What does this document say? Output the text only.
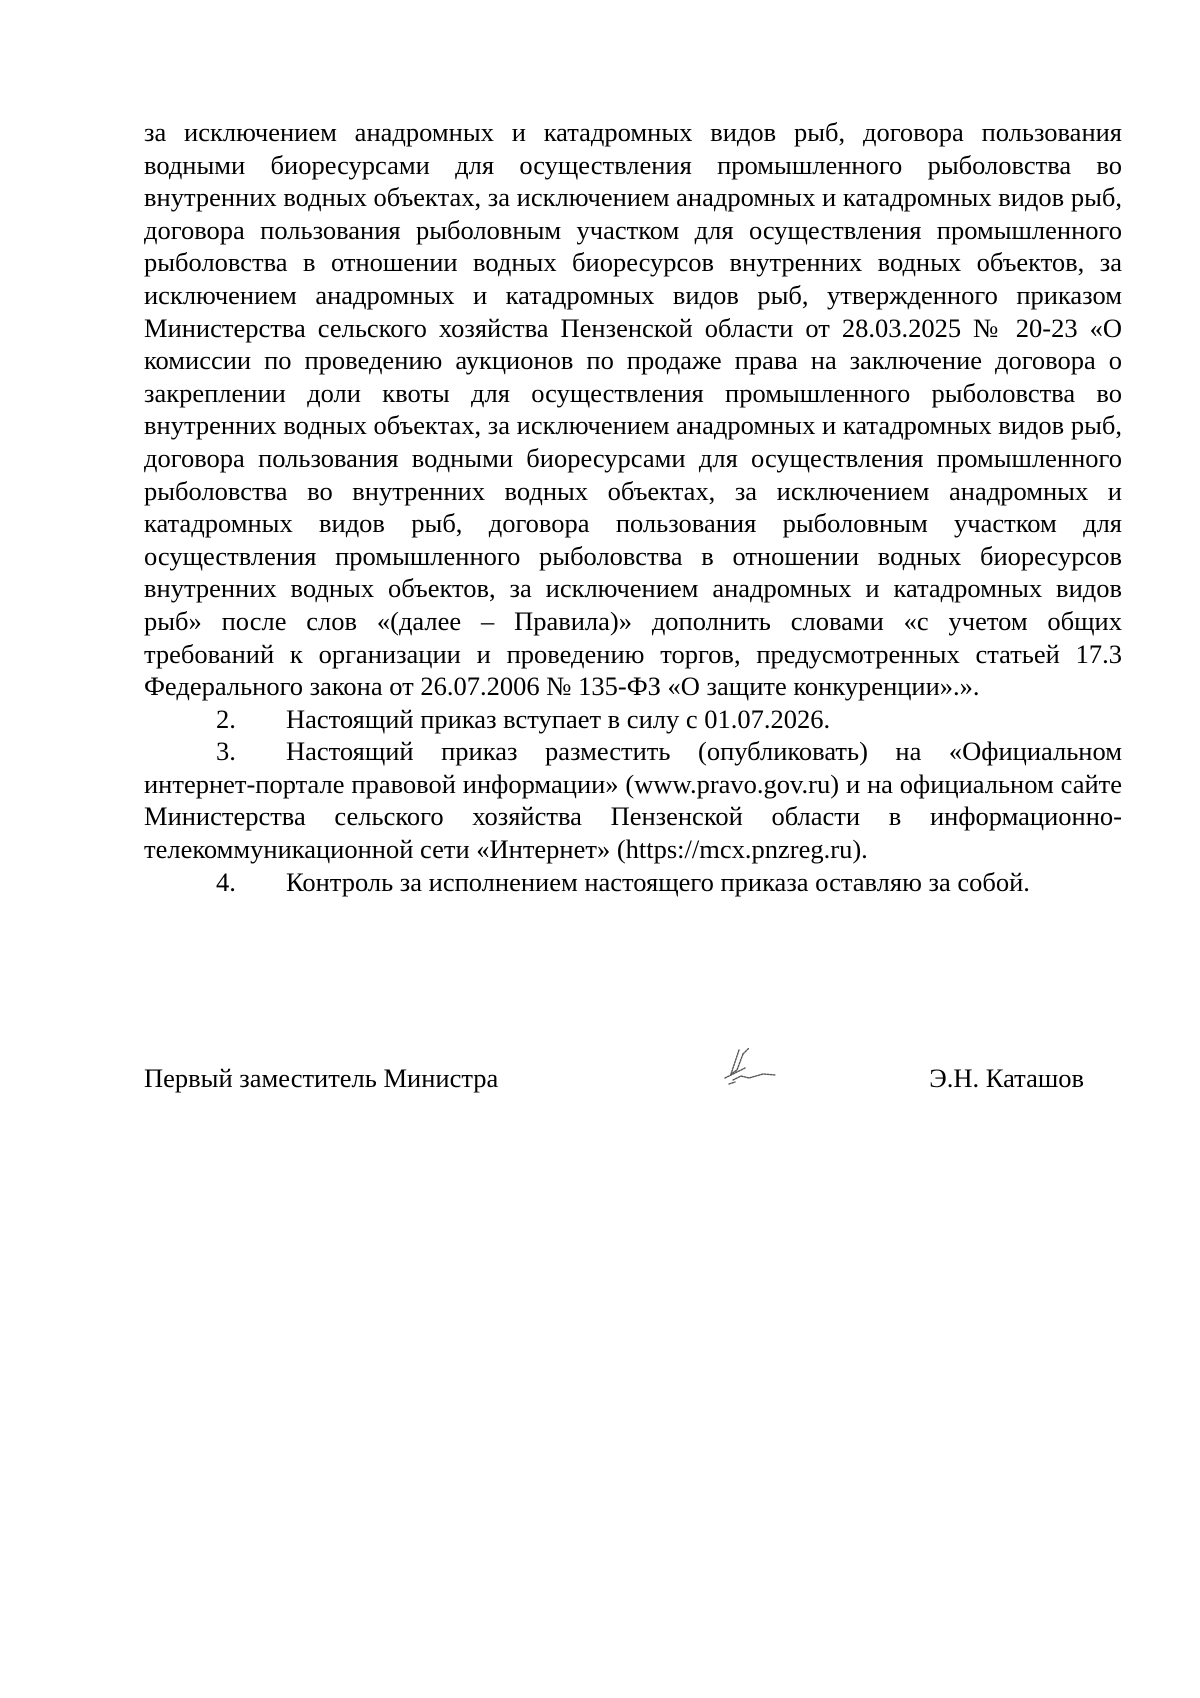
за исключением анадромных и катадромных видов рыб, договора пользования водными биоресурсами для осуществления промышленного рыболовства во внутренних водных объектах, за исключением анадромных и катадромных видов рыб, договора пользования рыболовным участком для осуществления промышленного рыболовства в отношении водных биоресурсов внутренних водных объектов, за исключением анадромных и катадромных видов рыб, утвержденного приказом Министерства сельского хозяйства Пензенской области от 28.03.2025 № 20-23 «О комиссии по проведению аукционов по продаже права на заключение договора о закреплении доли квоты для осуществления промышленного рыболовства во внутренних водных объектах, за исключением анадромных и катадромных видов рыб, договора пользования водными биоресурсами для осуществления промышленного рыболовства во внутренних водных объектах, за исключением анадромных и катадромных видов рыб, договора пользования рыболовным участком для осуществления промышленного рыболовства в отношении водных биоресурсов внутренних водных объектов, за исключением анадромных и катадромных видов рыб» после слов «(далее – Правила)» дополнить словами «с учетом общих требований к организации и проведению торгов, предусмотренных статьей 17.3 Федерального закона от 26.07.2006 № 135-ФЗ «О защите конкуренции».».

2. Настоящий приказ вступает в силу с 01.07.2026.

3. Настоящий приказ разместить (опубликовать) на «Официальном интернет-портале правовой информации» (www.pravo.gov.ru) и на официальном сайте Министерства сельского хозяйства Пензенской области в информационно-телекоммуникационной сети «Интернет» (https://mcx.pnzreg.ru).

4. Контроль за исполнением настоящего приказа оставляю за собой.

Первый заместитель Министра	Э.Н. Каташов
